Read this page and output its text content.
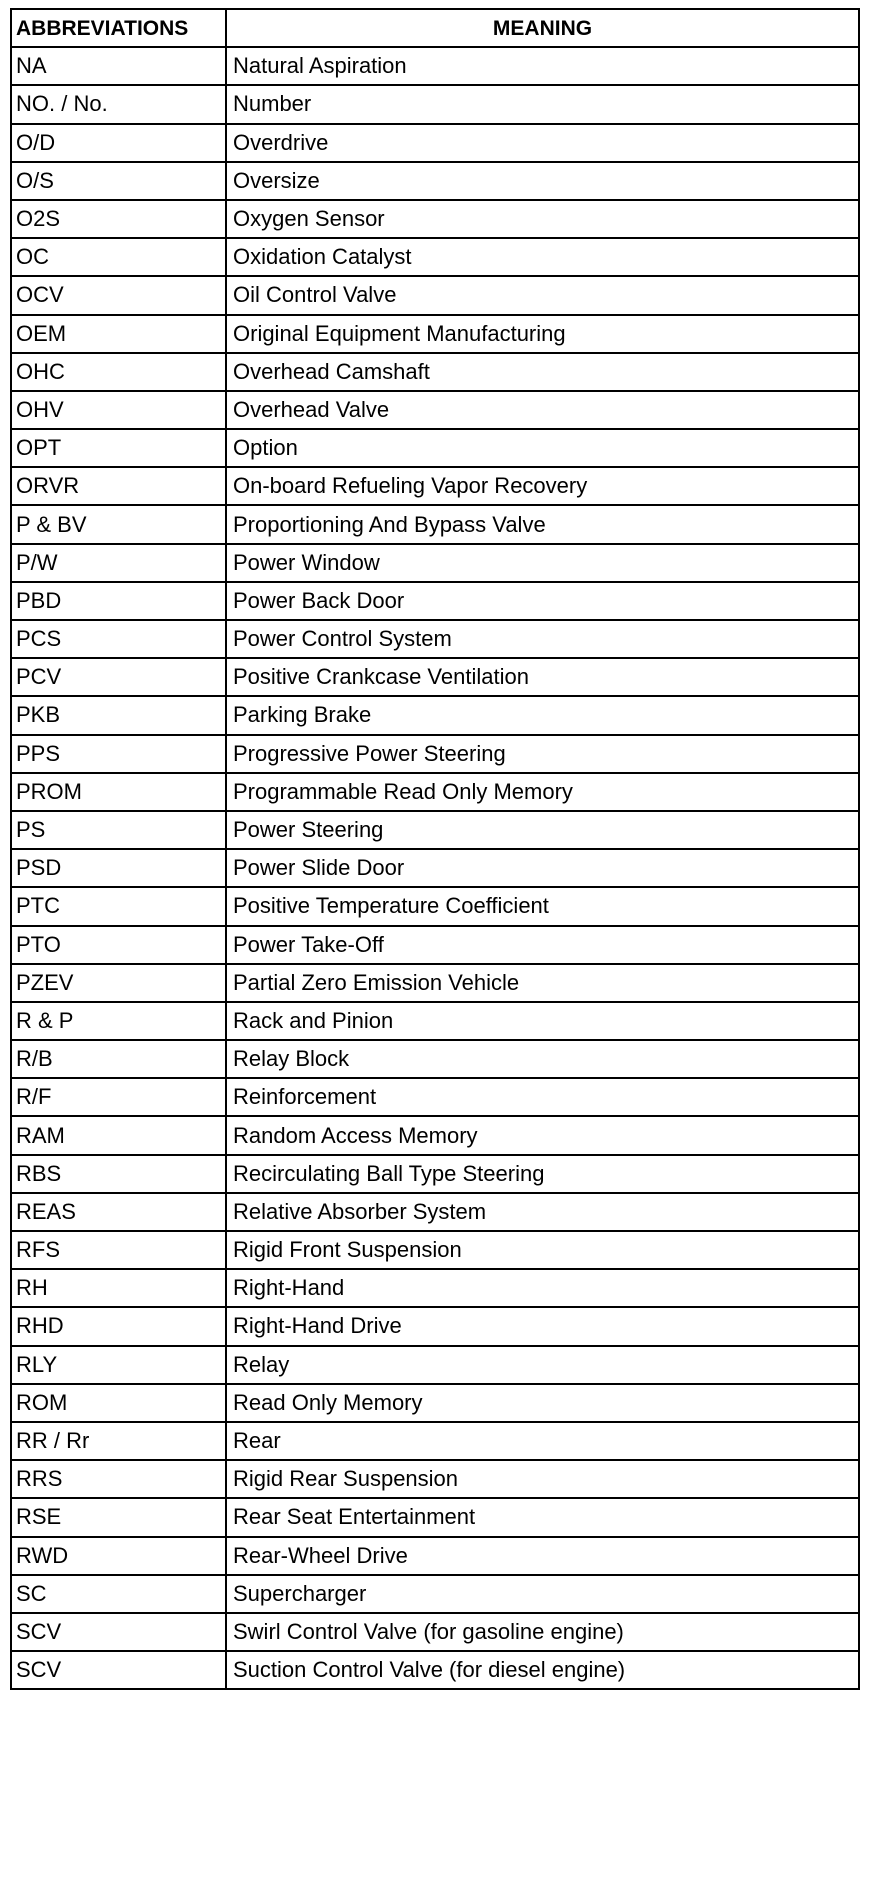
ABBREVIATIONS	MEANING
NA	Natural Aspiration
NO. / No.	Number
O/D	Overdrive
O/S	Oversize
O2S	Oxygen Sensor
OC	Oxidation Catalyst
OCV	Oil Control Valve
OEM	Original Equipment Manufacturing
OHC	Overhead Camshaft
OHV	Overhead Valve
OPT	Option
ORVR	On-board Refueling Vapor Recovery
P & BV	Proportioning And Bypass Valve
P/W	Power Window
PBD	Power Back Door
PCS	Power Control System
PCV	Positive Crankcase Ventilation
PKB	Parking Brake
PPS	Progressive Power Steering
PROM	Programmable Read Only Memory
PS	Power Steering
PSD	Power Slide Door
PTC	Positive Temperature Coefficient
PTO	Power Take-Off
PZEV	Partial Zero Emission Vehicle
R & P	Rack and Pinion
R/B	Relay Block
R/F	Reinforcement
RAM	Random Access Memory
RBS	Recirculating Ball Type Steering
REAS	Relative Absorber System
RFS	Rigid Front Suspension
RH	Right-Hand
RHD	Right-Hand Drive
RLY	Relay
ROM	Read Only Memory
RR / Rr	Rear
RRS	Rigid Rear Suspension
RSE	Rear Seat Entertainment
RWD	Rear-Wheel Drive
SC	Supercharger
SCV	Swirl Control Valve (for gasoline engine)
SCV	Suction Control Valve (for diesel engine)
